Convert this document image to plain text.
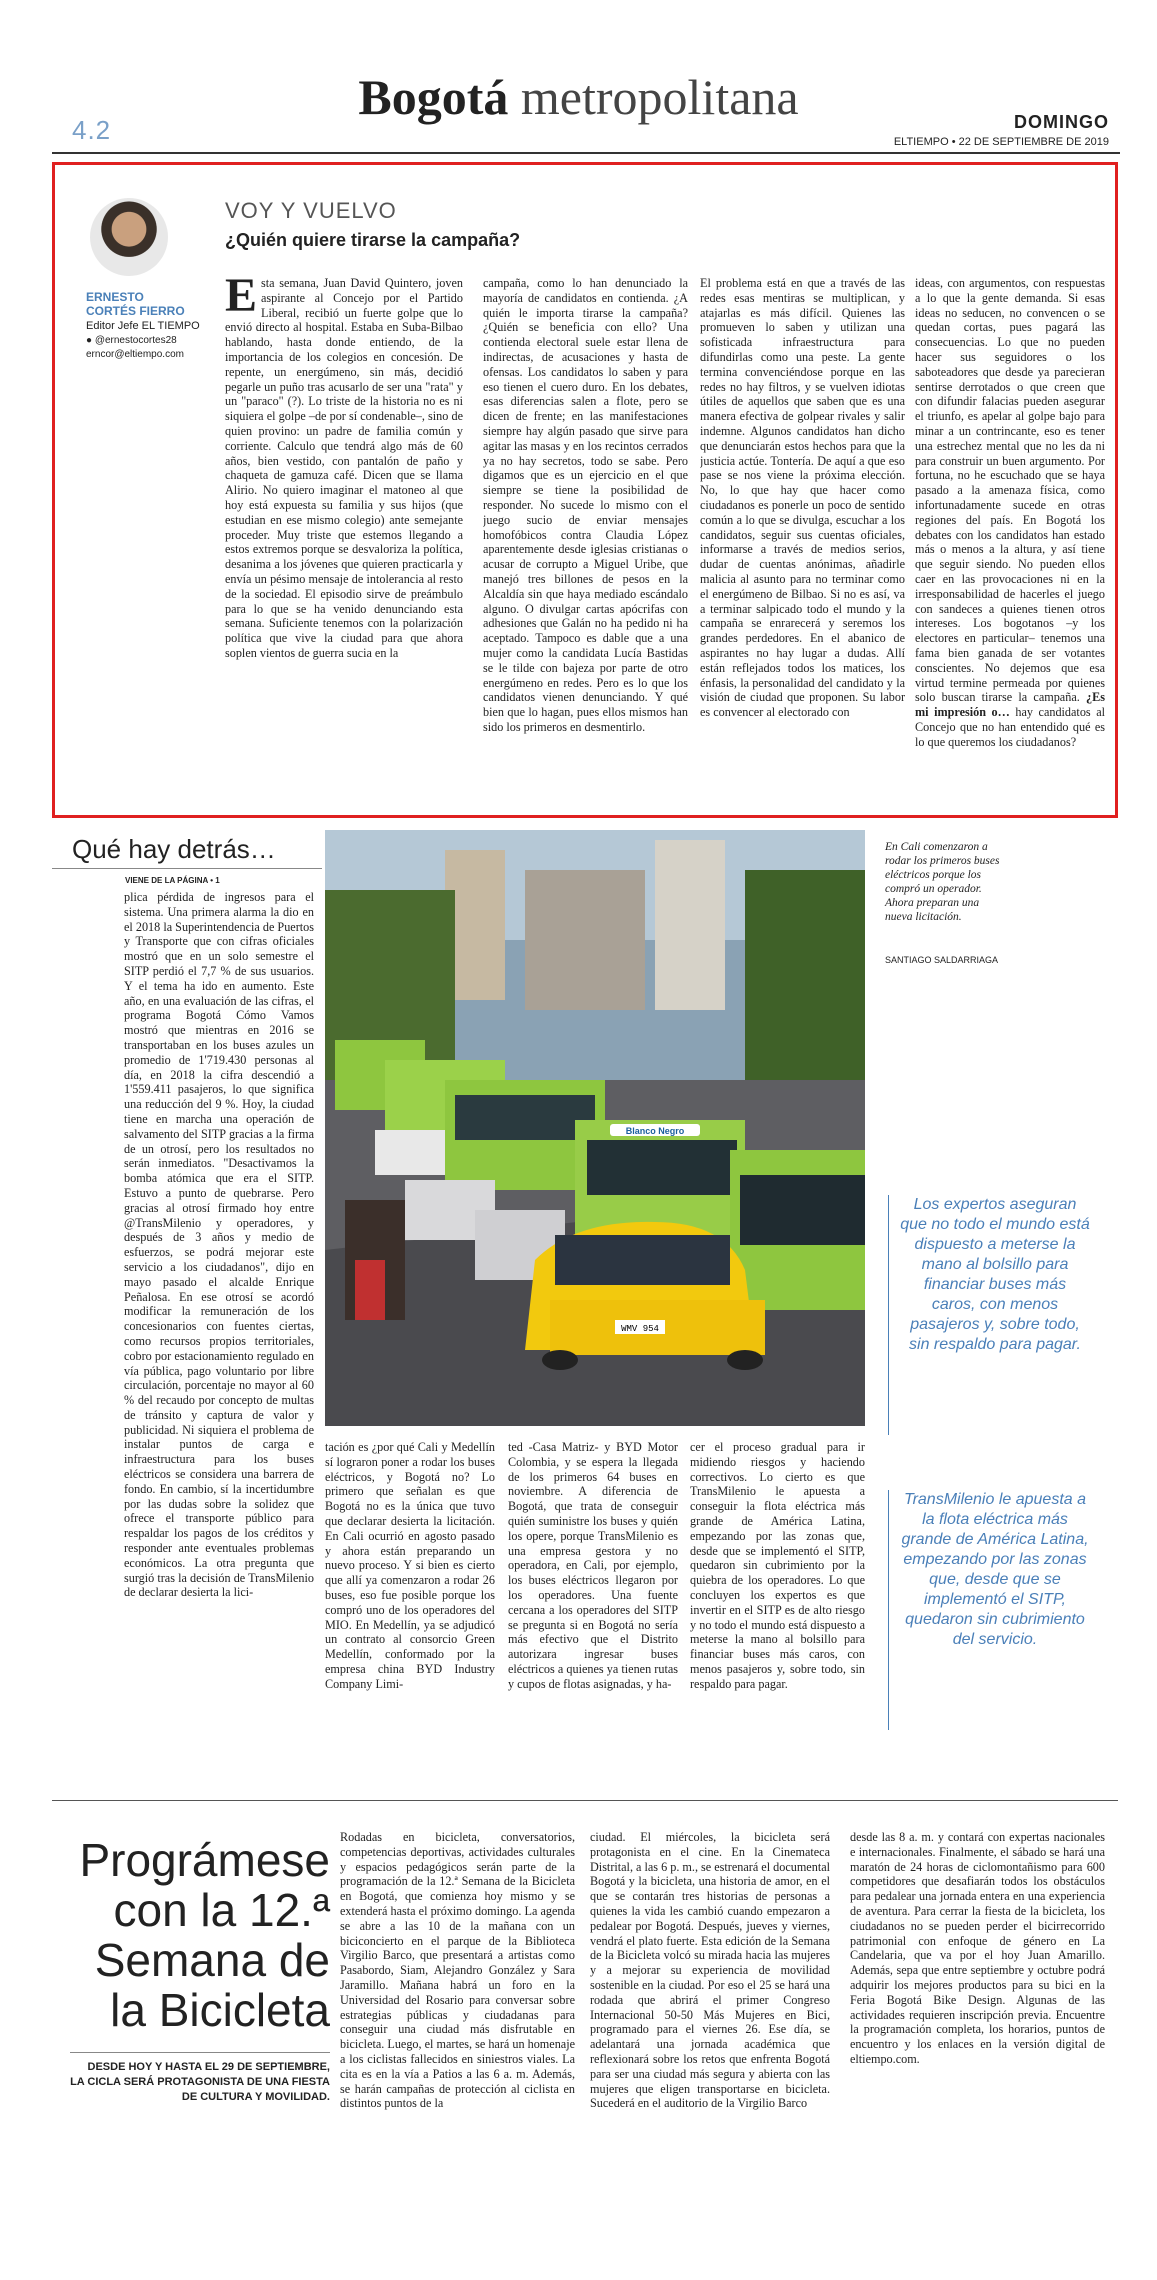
4.2
Bogotá metropolitana	DOMINGO
ELTIEMPO • 22 DE SEPTIEMBRE DE 2019
ERNESTO CORTÉS FIERRO
Editor Jefe EL TIEMPO
● @ernestocortes28
erncor@eltiempo.com
VOY Y VUELVO
¿Quién quiere tirarse la campaña?
Esta semana, Juan David Quintero, joven aspirante al Concejo por el Partido Liberal, recibió un fuerte golpe que lo envió directo al hospital. Estaba en Suba-Bilbao hablando, hasta donde entiendo, de la importancia de los colegios en concesión. De repente, un energúmeno, sin más, decidió pegarle un puño tras acusarlo de ser una "rata" y un "paraco" (?). Lo triste de la historia no es ni siquiera el golpe –de por sí condenable–, sino de quien provino: un padre de familia común y corriente. Calculo que tendrá algo más de 60 años, bien vestido, con pantalón de paño y chaqueta de gamuza café. Dicen que se llama Alirio. No quiero imaginar el matoneo al que hoy está expuesta su familia y sus hijos (que estudian en ese mismo colegio) ante semejante proceder. Muy triste que estemos llegando a estos extremos porque se desvaloriza la política, desanima a los jóvenes que quieren practicarla y envía un pésimo mensaje de intolerancia al resto de la sociedad. El episodio sirve de preámbulo para lo que se ha venido denunciando esta semana. Suficiente tenemos con la polarización política que vive la ciudad para que ahora soplen vientos de guerra sucia en la
campaña, como lo han denunciado la mayoría de candidatos en contienda. ¿A quién le importa tirarse la campaña? ¿Quién se beneficia con ello? Una contienda electoral suele estar llena de indirectas, de acusaciones y hasta de ofensas. Los candidatos lo saben y para eso tienen el cuero duro. En los debates, esas diferencias salen a flote, pero se dicen de frente; en las manifestaciones siempre hay algún pasado que sirve para agitar las masas y en los recintos cerrados ya no hay secretos, todo se sabe. Pero digamos que es un ejercicio en el que siempre se tiene la posibilidad de responder. No sucede lo mismo con el juego sucio de enviar mensajes homofóbicos contra Claudia López aparentemente desde iglesias cristianas o acusar de corrupto a Miguel Uribe, que manejó tres billones de pesos en la Alcaldía sin que haya mediado escándalo alguno. O divulgar cartas apócrifas con adhesiones que Galán no ha pedido ni ha aceptado. Tampoco es dable que a una mujer como la candidata Lucía Bastidas se le tilde con bajeza por parte de otro energúmeno en redes. Pero es lo que los candidatos vienen denunciando. Y qué bien que lo hagan, pues ellos mismos han sido los primeros en desmentirlo.
El problema está en que a través de las redes esas mentiras se multiplican, y atajarlas es más difícil. Quienes las promueven lo saben y utilizan una sofisticada infraestructura para difundirlas como una peste. La gente termina convenciéndose porque en las redes no hay filtros, y se vuelven idiotas útiles de aquellos que saben que es una manera efectiva de golpear rivales y salir indemne. Algunos candidatos han dicho que denunciarán estos hechos para que la justicia actúe. Tontería. De aquí a que eso pase se nos viene la próxima elección. No, lo que hay que hacer como ciudadanos es ponerle un poco de sentido común a lo que se divulga, escuchar a los candidatos, seguir sus cuentas oficiales, informarse a través de medios serios, dudar de cuentas anónimas, añadirle malicia al asunto para no terminar como el energúmeno de Bilbao. Si no es así, va a terminar salpicado todo el mundo y la campaña se enrarecerá y seremos los grandes perdedores. En el abanico de aspirantes no hay lugar a dudas. Allí están reflejados todos los matices, los énfasis, la personalidad del candidato y la visión de ciudad que proponen. Su labor es convencer al electorado con
ideas, con argumentos, con respuestas a lo que la gente demanda. Si esas ideas no seducen, no convencen o se quedan cortas, pues pagará las consecuencias. Lo que no pueden hacer sus seguidores o los saboteadores que desde ya parecieran sentirse derrotados o que creen que con difundir falacias pueden asegurar el triunfo, es apelar al golpe bajo para minar a un contrincante, eso es tener una estrechez mental que no les da ni para construir un buen argumento. Por fortuna, no he escuchado que se haya pasado a la amenaza física, como infortunadamente sucede en otras regiones del país. En Bogotá los debates con los candidatos han estado más o menos a la altura, y así tiene que seguir siendo. No pueden ellos caer en las provocaciones ni en la irresponsabilidad de hacerles el juego con sandeces a quienes tienen otros intereses. Los bogotanos –y los electores en particular– tenemos una fama bien ganada de ser votantes conscientes. No dejemos que esa virtud termine permeada por quienes solo buscan tirarse la campaña. ¿Es mi impresión o… hay candidatos al Concejo que no han entendido qué es lo que queremos los ciudadanos?
Qué hay detrás…
VIENE DE LA PÁGINA • 1
plica pérdida de ingresos para el sistema. Una primera alarma la dio en el 2018 la Superintendencia de Puertos y Transporte que con cifras oficiales mostró que en un solo semestre el SITP perdió el 7,7 % de sus usuarios. Y el tema ha ido en aumento. Este año, en una evaluación de las cifras, el programa Bogotá Cómo Vamos mostró que mientras en 2016 se transportaban en los buses azules un promedio de 1'719.430 personas al día, en 2018 la cifra descendió a 1'559.411 pasajeros, lo que significa una reducción del 9 %. Hoy, la ciudad tiene en marcha una operación de salvamento del SITP gracias a la firma de un otrosí, pero los resultados no serán inmediatos. "Desactivamos la bomba atómica que era el SITP. Estuvo a punto de quebrarse. Pero gracias al otrosí firmado hoy entre @TransMilenio y operadores, y después de 3 años y medio de esfuerzos, se podrá mejorar este servicio a los ciudadanos", dijo en mayo pasado el alcalde Enrique Peñalosa. En ese otrosí se acordó modificar la remuneración de los concesionarios con fuentes ciertas, como recursos propios territoriales, cobro por estacionamiento regulado en vía pública, pago voluntario por libre circulación, porcentaje no mayor al 60 % del recaudo por concepto de multas de tránsito y captura de valor y publicidad. Ni siquiera el problema de instalar puntos de carga e infraestructura para los buses eléctricos se considera una barrera de fondo. En cambio, sí la incertidumbre por las dudas sobre la solidez que ofrece el transporte público para respaldar los pagos de los créditos y responder ante eventuales problemas económicos. La otra pregunta que surgió tras la decisión de TransMilenio de declarar desierta la lici-
Blanco Negro
WMV 954
En Cali comenzaron a rodar los primeros buses eléctricos porque los compró un operador. Ahora preparan una nueva licitación.
SANTIAGO SALDARRIAGA
Los expertos aseguran que no todo el mundo está dispuesto a meterse la mano al bolsillo para financiar buses más caros, con menos pasajeros y, sobre todo, sin respaldo para pagar.
TransMilenio le apuesta a la flota eléctrica más grande de América Latina, empezando por las zonas que, desde que se implementó el SITP, quedaron sin cubrimiento del servicio.
tación es ¿por qué Cali y Medellín sí lograron poner a rodar los buses eléctricos, y Bogotá no? Lo primero que señalan es que Bogotá no es la única que tuvo que declarar desierta la licitación. En Cali ocurrió en agosto pasado y ahora están preparando un nuevo proceso. Y si bien es cierto que allí ya comenzaron a rodar 26 buses, eso fue posible porque los compró uno de los operadores del MIO. En Medellín, ya se adjudicó un contrato al consorcio Green Medellín, conformado por la empresa china BYD Industry Company Limi-
ted -Casa Matriz- y BYD Motor Colombia, y se espera la llegada de los primeros 64 buses en noviembre. A diferencia de Bogotá, que trata de conseguir quién suministre los buses y quién los opere, porque TransMilenio es una empresa gestora y no operadora, en Cali, por ejemplo, los buses eléctricos llegaron por los operadores. Una fuente cercana a los operadores del SITP se pregunta si en Bogotá no sería más efectivo que el Distrito autorizara ingresar buses eléctricos a quienes ya tienen rutas y cupos de flotas asignadas, y ha-
cer el proceso gradual para ir midiendo riesgos y haciendo correctivos. Lo cierto es que TransMilenio le apuesta a conseguir la flota eléctrica más grande de América Latina, empezando por las zonas que, desde que se implementó el SITP, quedaron sin cubrimiento por la quiebra de los operadores. Lo que concluyen los expertos es que invertir en el SITP es de alto riesgo y no todo el mundo está dispuesto a meterse la mano al bolsillo para financiar buses más caros, con menos pasajeros y, sobre todo, sin respaldo para pagar.
Prográmese con la 12.ª Semana de la Bicicleta
DESDE HOY Y HASTA EL 29 DE SEPTIEMBRE, LA CICLA SERÁ PROTAGONISTA DE UNA FIESTA DE CULTURA Y MOVILIDAD.
Rodadas en bicicleta, conversatorios, competencias deportivas, actividades culturales y espacios pedagógicos serán parte de la programación de la 12.ª Semana de la Bicicleta en Bogotá, que comienza hoy mismo y se extenderá hasta el próximo domingo. La agenda se abre a las 10 de la mañana con un biciconcierto en el parque de la Biblioteca Virgilio Barco, que presentará a artistas como Pasabordo, Siam, Alejandro González y Sara Jaramillo. Mañana habrá un foro en la Universidad del Rosario para conversar sobre estrategias públicas y ciudadanas para conseguir una ciudad más disfrutable en bicicleta. Luego, el martes, se hará un homenaje a los ciclistas fallecidos en siniestros viales. La cita es en la vía a Patios a las 6 a. m. Además, se harán campañas de protección al ciclista en distintos puntos de la
ciudad. El miércoles, la bicicleta será protagonista en el cine. En la Cinemateca Distrital, a las 6 p. m., se estrenará el documental Bogotá y la bicicleta, una historia de amor, en el que se contarán tres historias de personas a quienes la vida les cambió cuando empezaron a pedalear por Bogotá. Después, jueves y viernes, vendrá el plato fuerte. Esta edición de la Semana de la Bicicleta volcó su mirada hacia las mujeres y a mejorar su experiencia de movilidad sostenible en la ciudad. Por eso el 25 se hará una rodada que abrirá el primer Congreso Internacional 50-50 Más Mujeres en Bici, programado para el viernes 26. Ese día, se adelantará una jornada académica que reflexionará sobre los retos que enfrenta Bogotá para ser una ciudad más segura y abierta con las mujeres que eligen transportarse en bicicleta. Sucederá en el auditorio de la Virgilio Barco
desde las 8 a. m. y contará con expertas nacionales e internacionales. Finalmente, el sábado se hará una maratón de 24 horas de ciclomontañismo para 600 competidores que desafiarán todos los obstáculos para pedalear una jornada entera en una experiencia de aventura. Para cerrar la fiesta de la bicicleta, los ciudadanos no se pueden perder el bicirrecorrido patrimonial con enfoque de género en La Candelaria, que va por el hoy Juan Amarillo. Además, sepa que entre septiembre y octubre podrá adquirir los mejores productos para su bici en la Feria Bogotá Bike Design. Algunas de las actividades requieren inscripción previa. Encuentre la programación completa, los horarios, puntos de encuentro y los enlaces en la versión digital de eltiempo.com.
